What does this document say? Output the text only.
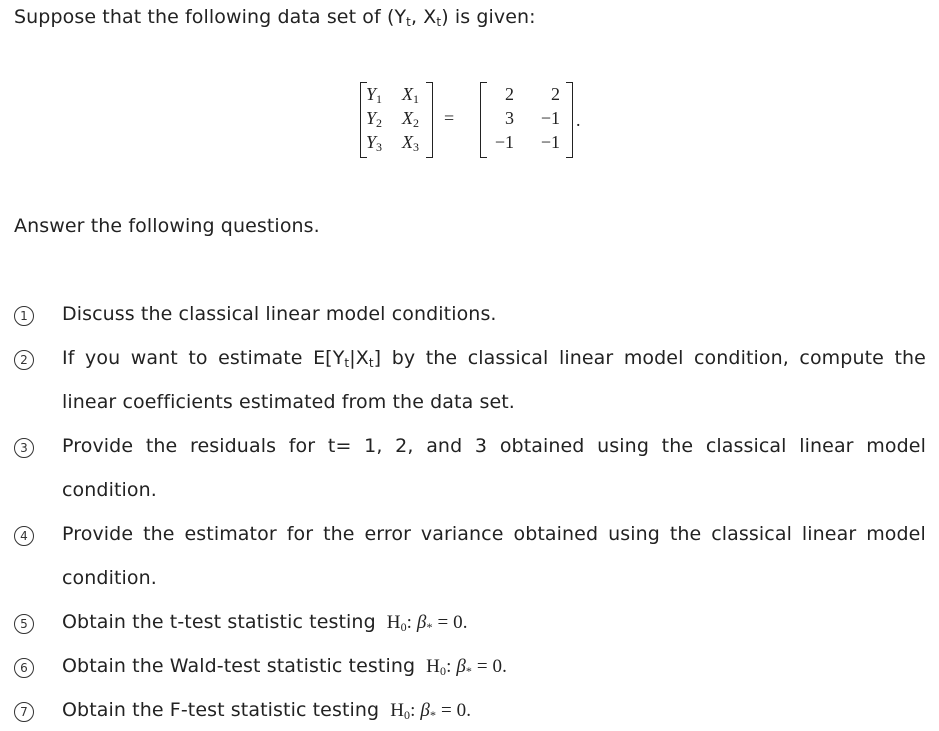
Suppose that the following data set of ($Y_t$, $X_t$) is given:
$Y_1$ $X_1$
$Y_2$ $X_2$
$Y_3$ $X_3$
=
2	2
3	−1
−1	−1
.
Answer the following questions.
1	Discuss the classical linear model conditions.
2	If you want to estimate $E[Y_t|X_t]$ by the classical linear model condition, compute the
linear coefficients estimated from the data set.
3	Provide the residuals for t= 1, 2, and 3 obtained using the classical linear model
condition.
4	Provide the estimator for the error variance obtained using the classical linear model
condition.
5	Obtain the t-test statistic testing $H_0$: $\beta_* = 0$.
6	Obtain the Wald-test statistic testing $H_0$: $\beta_* = 0$.
7	Obtain the F-test statistic testing $H_0$: $\beta_* = 0$.
